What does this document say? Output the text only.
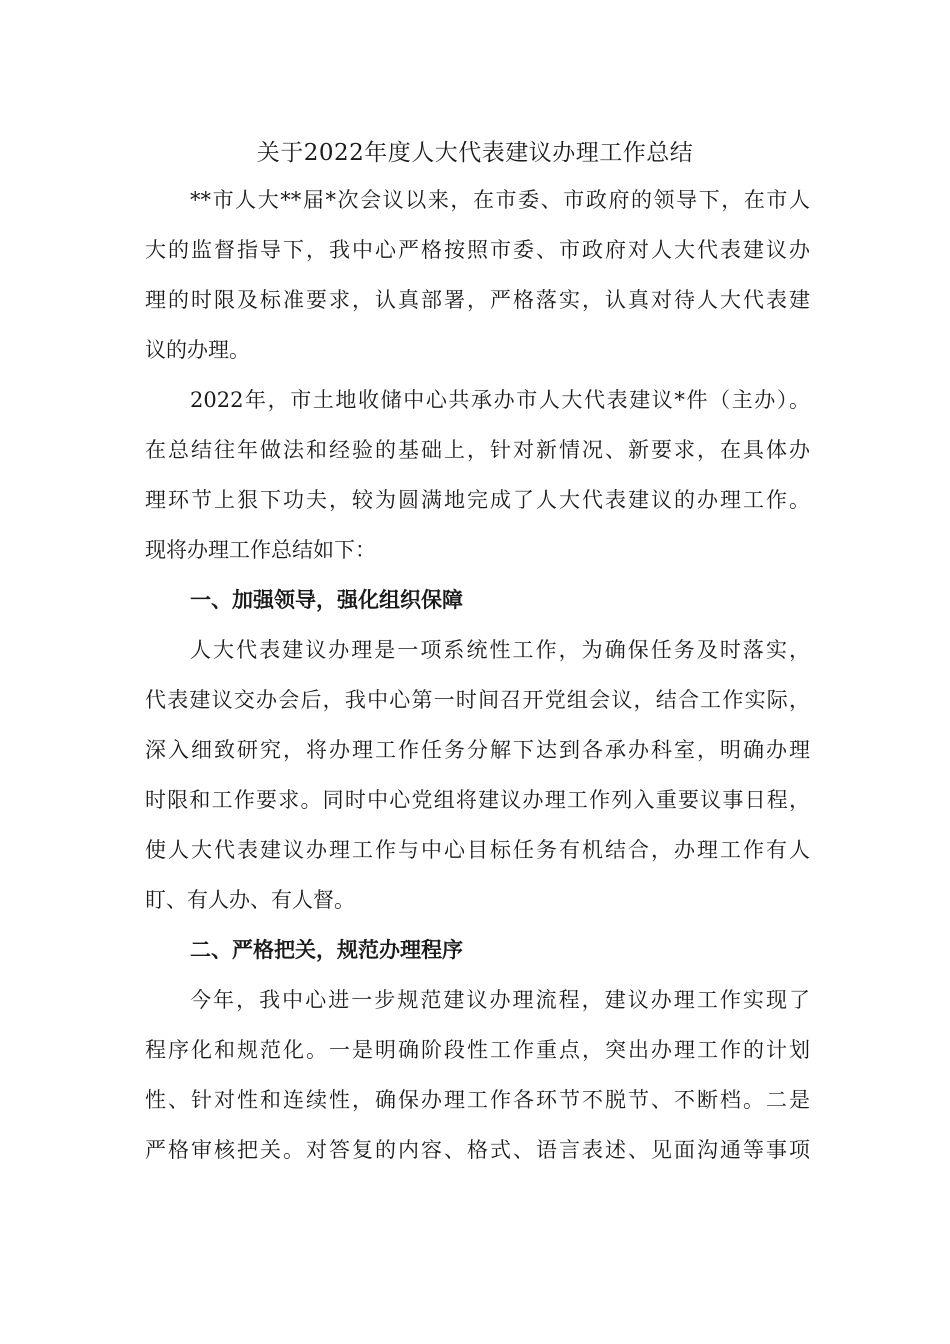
关于2022年度人大代表建议办理工作总结
**市人大**届*次会议以来，在市委、市政府的领导下，在市人
大的监督指导下，我中心严格按照市委、市政府对人大代表建议办
理的时限及标准要求，认真部署，严格落实，认真对待人大代表建
议的办理。
2022年，市土地收储中心共承办市人大代表建议*件（主办）。
在总结往年做法和经验的基础上，针对新情况、新要求，在具体办
理环节上狠下功夫，较为圆满地完成了人大代表建议的办理工作。
现将办理工作总结如下：
一、加强领导，强化组织保障
人大代表建议办理是一项系统性工作，为确保任务及时落实，
代表建议交办会后，我中心第一时间召开党组会议，结合工作实际，
深入细致研究，将办理工作任务分解下达到各承办科室，明确办理
时限和工作要求。同时中心党组将建议办理工作列入重要议事日程，
使人大代表建议办理工作与中心目标任务有机结合，办理工作有人
盯、有人办、有人督。
二、严格把关，规范办理程序
今年，我中心进一步规范建议办理流程，建议办理工作实现了
程序化和规范化。一是明确阶段性工作重点，突出办理工作的计划
性、针对性和连续性，确保办理工作各环节不脱节、不断档。二是
严格审核把关。对答复的内容、格式、语言表述、见面沟通等事项
